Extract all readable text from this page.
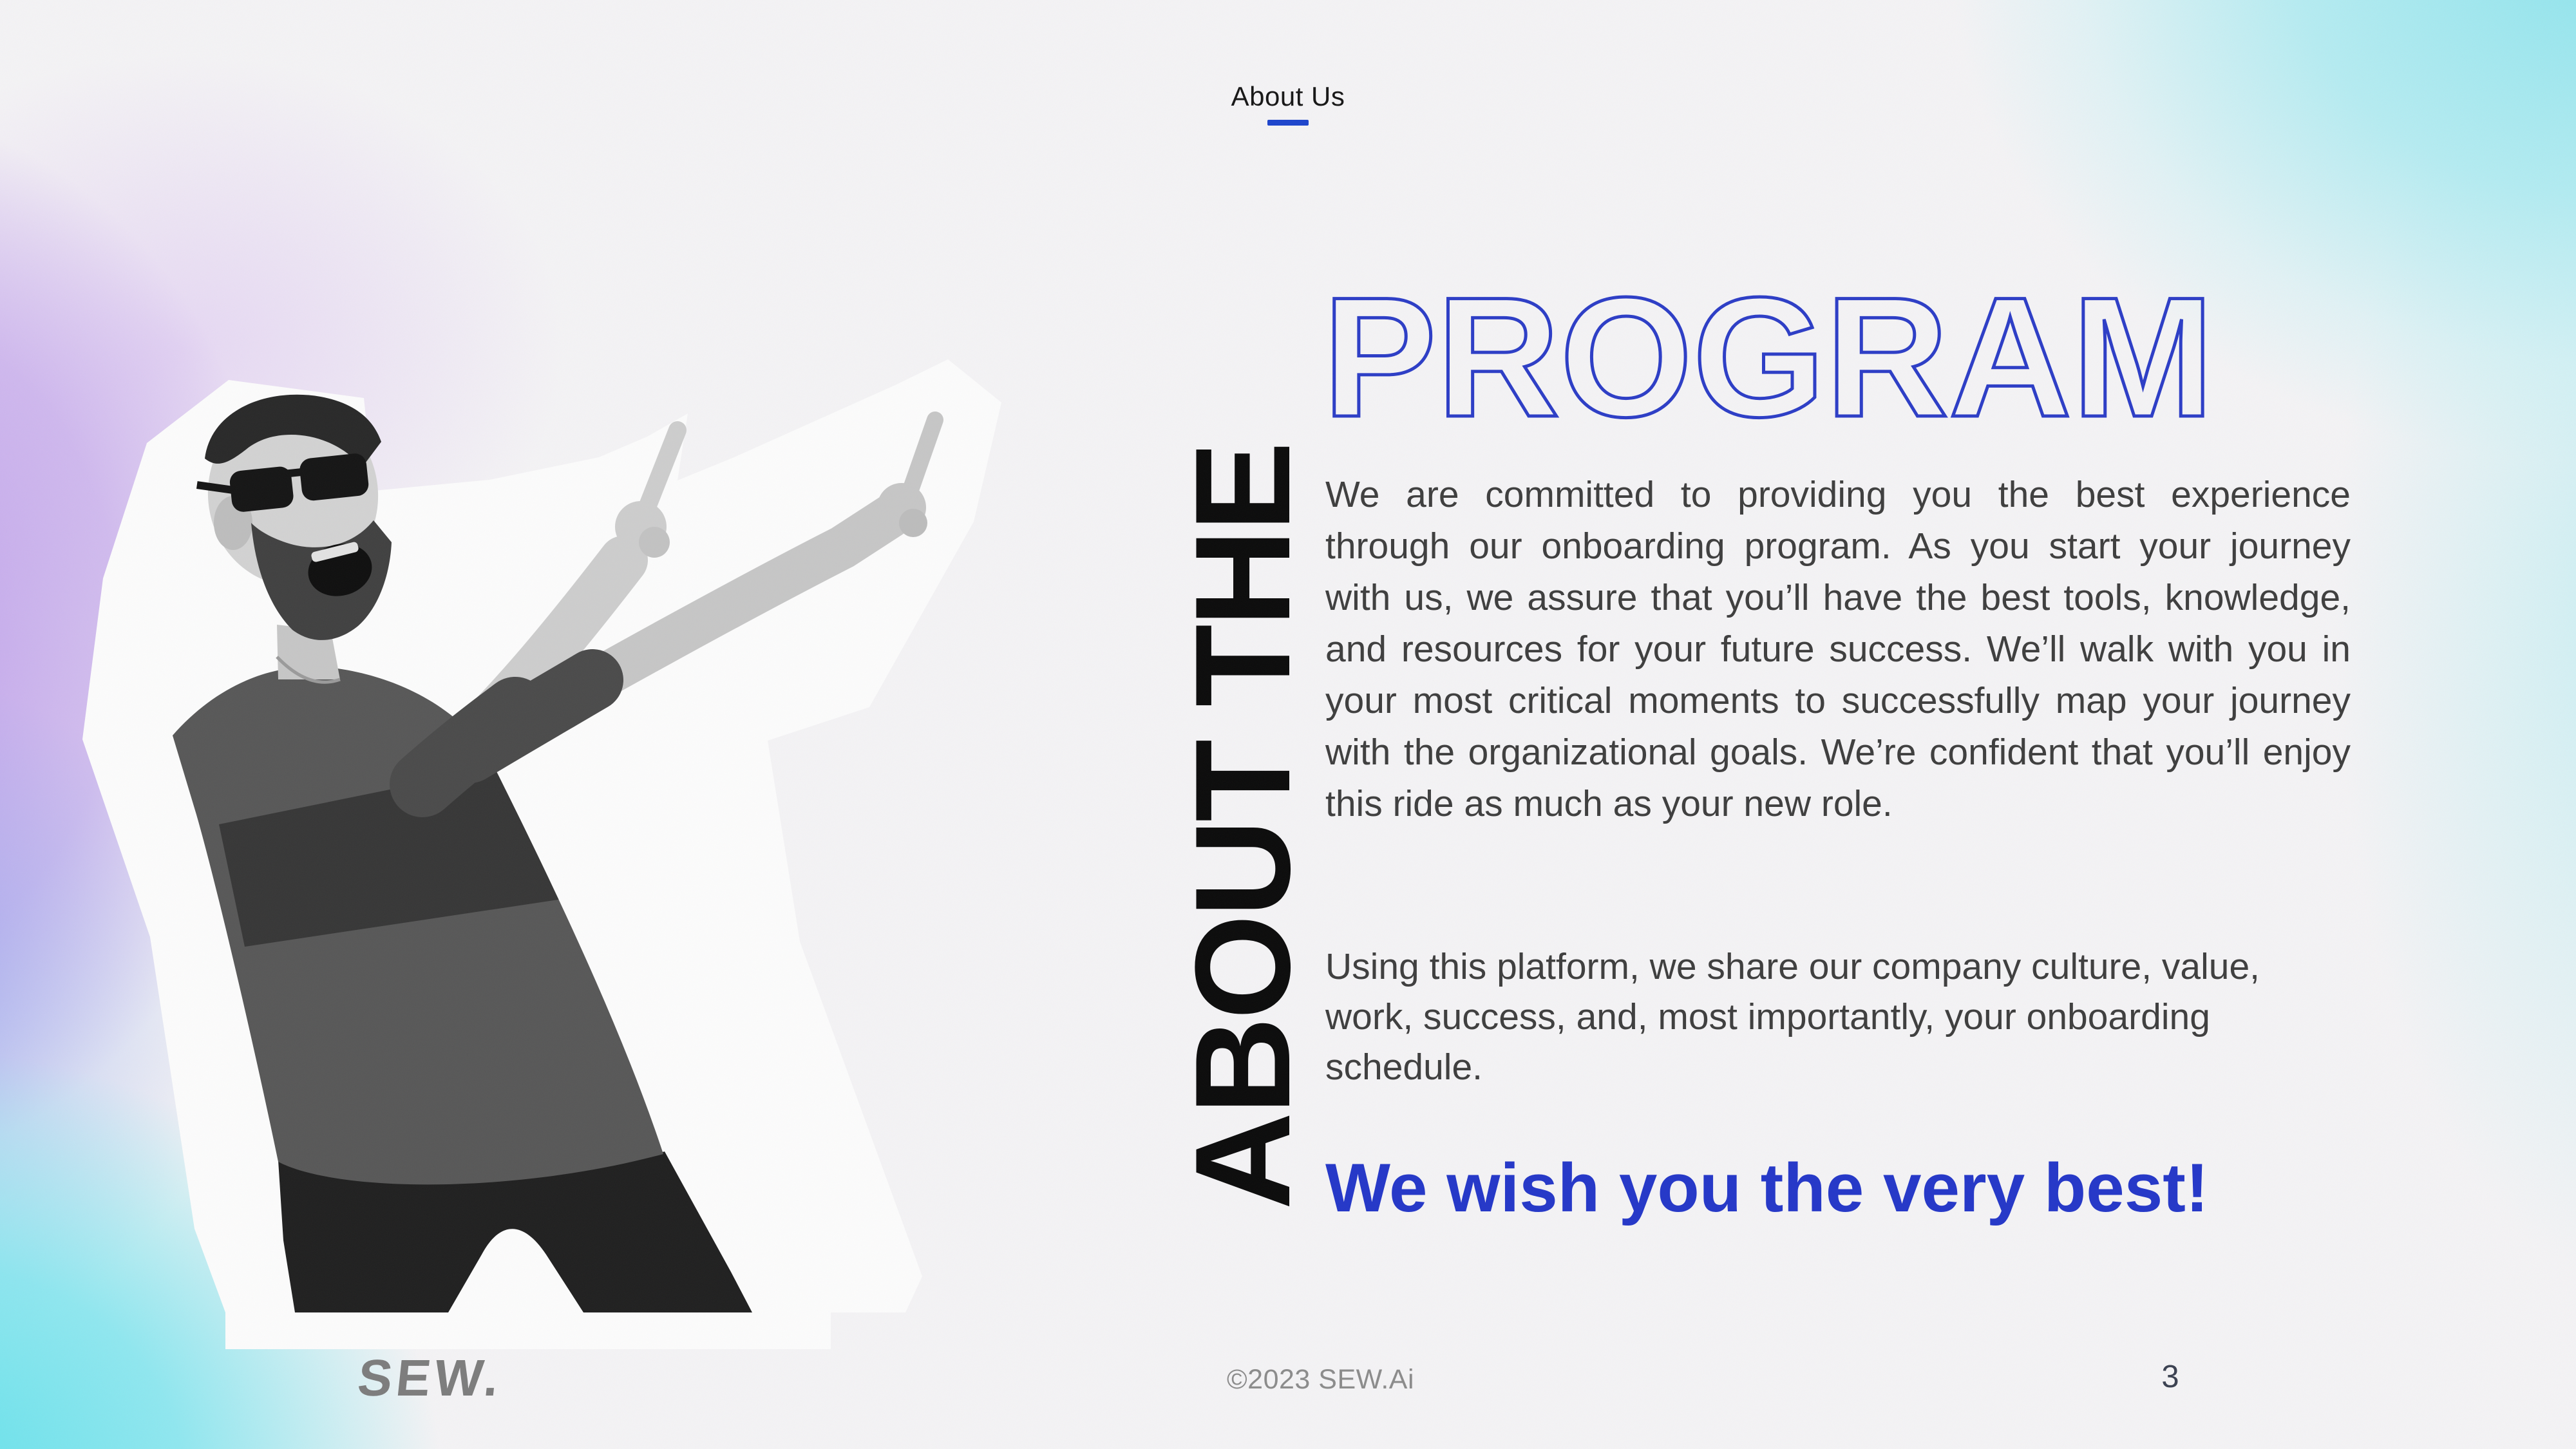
About Us
PROGRAM
ABOUT THE We are committed to providing you the best experience through our onboarding program. As you start your journey with us, we assure that you’ll have the best tools, knowledge, and resources for your future success. We’ll walk with you in your most critical moments to successfully map your journey with the organizational goals. We’re confident that you’ll enjoy this ride as much as your new role.
Using this platform, we share our company culture, value, work, success, and, most importantly, your onboarding schedule.
We wish you the very best!
SEW.	©2023 SEW.Ai	3
